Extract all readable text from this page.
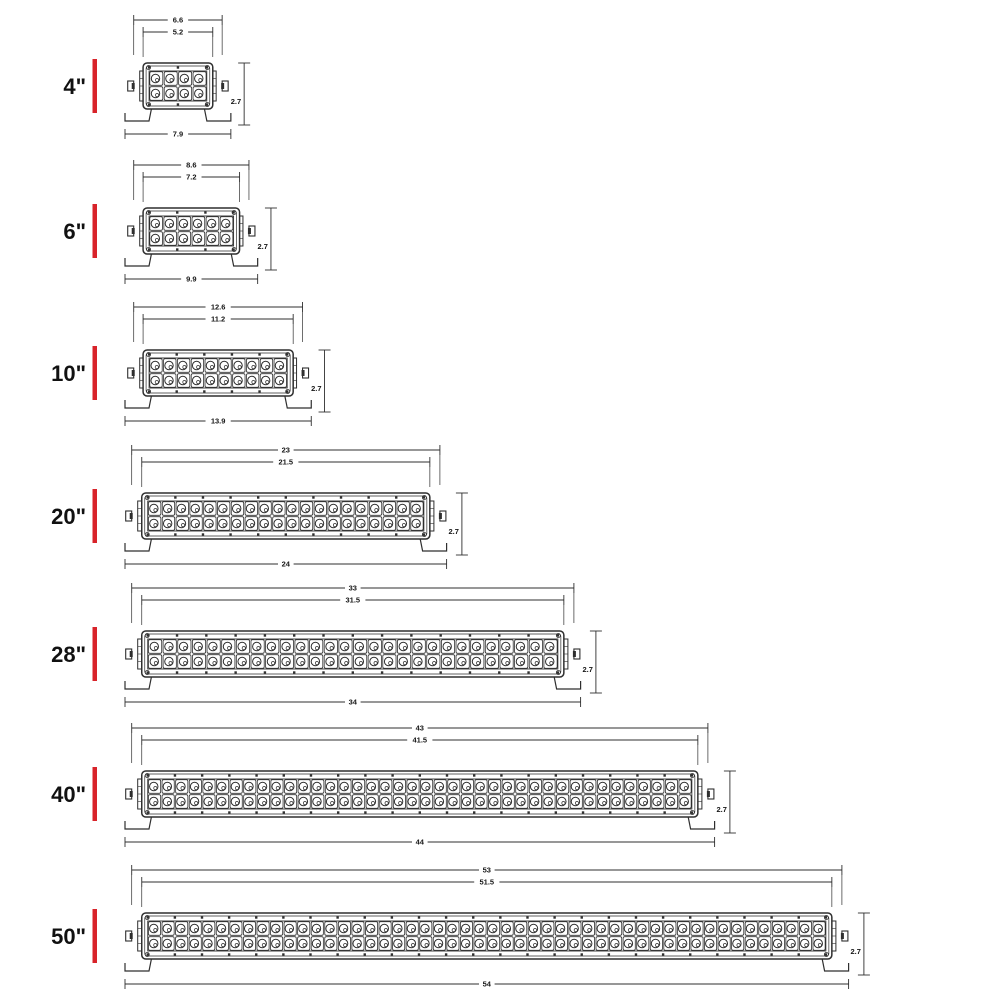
6.6
5.2
7.9
2.7
4"
8.6
7.2
9.9
2.7
6"
12.6
11.2
13.9
2.7
10"
23
21.5
24
2.7
20"
33
31.5
34
2.7
28"
43
41.5
44
2.7
40"
53
51.5
54
2.7
50"
